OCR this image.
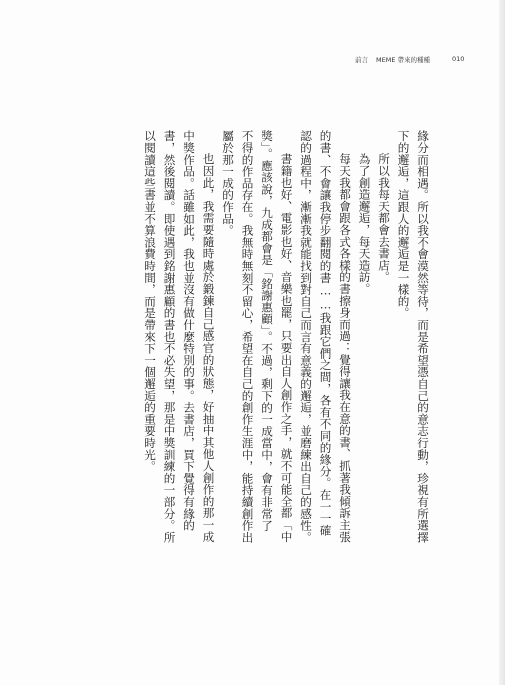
前言 MEME 帶來的種種	010
緣分而相遇。所以我不會漠然等待，而是希望憑自己的意志行動，珍視有所選擇
下的邂逅，這跟人的邂逅是一樣的。
所以我每天都會去書店。
為了創造邂逅，每天造訪。
每天我都會跟各式各樣的書擦身而過：覺得讓我在意的書、抓著我傾訴主張
的書、不會讓我停步翻閱的書……我跟它們之間，各有不同的緣分。在一一確
認的過程中，漸漸我就能找到對自己而言有意義的邂逅，並磨練出自己的感性。
書籍也好、電影也好、音樂也罷，只要出自人創作之手，就不可能全都「中
獎」。應該說，九成都會是「銘謝惠顧」。不過，剩下的一成當中，會有非常了
不得的作品存在。我無時無刻不留心，希望在自己的創作生涯中，能持續創作出
屬於那一成的作品。
也因此，我需要隨時處於鍛鍊自己感官的狀態，好抽中其他人創作的那一成
中獎作品。話雖如此，我也並沒有做什麼特別的事。去書店，買下覺得有緣的
書，然後閱讀。即使遇到銘謝惠顧的書也不必失望，那是中獎訓練的一部分。所
以閱讀這些書並不算浪費時間，而是帶來下一個邂逅的重要時光。
